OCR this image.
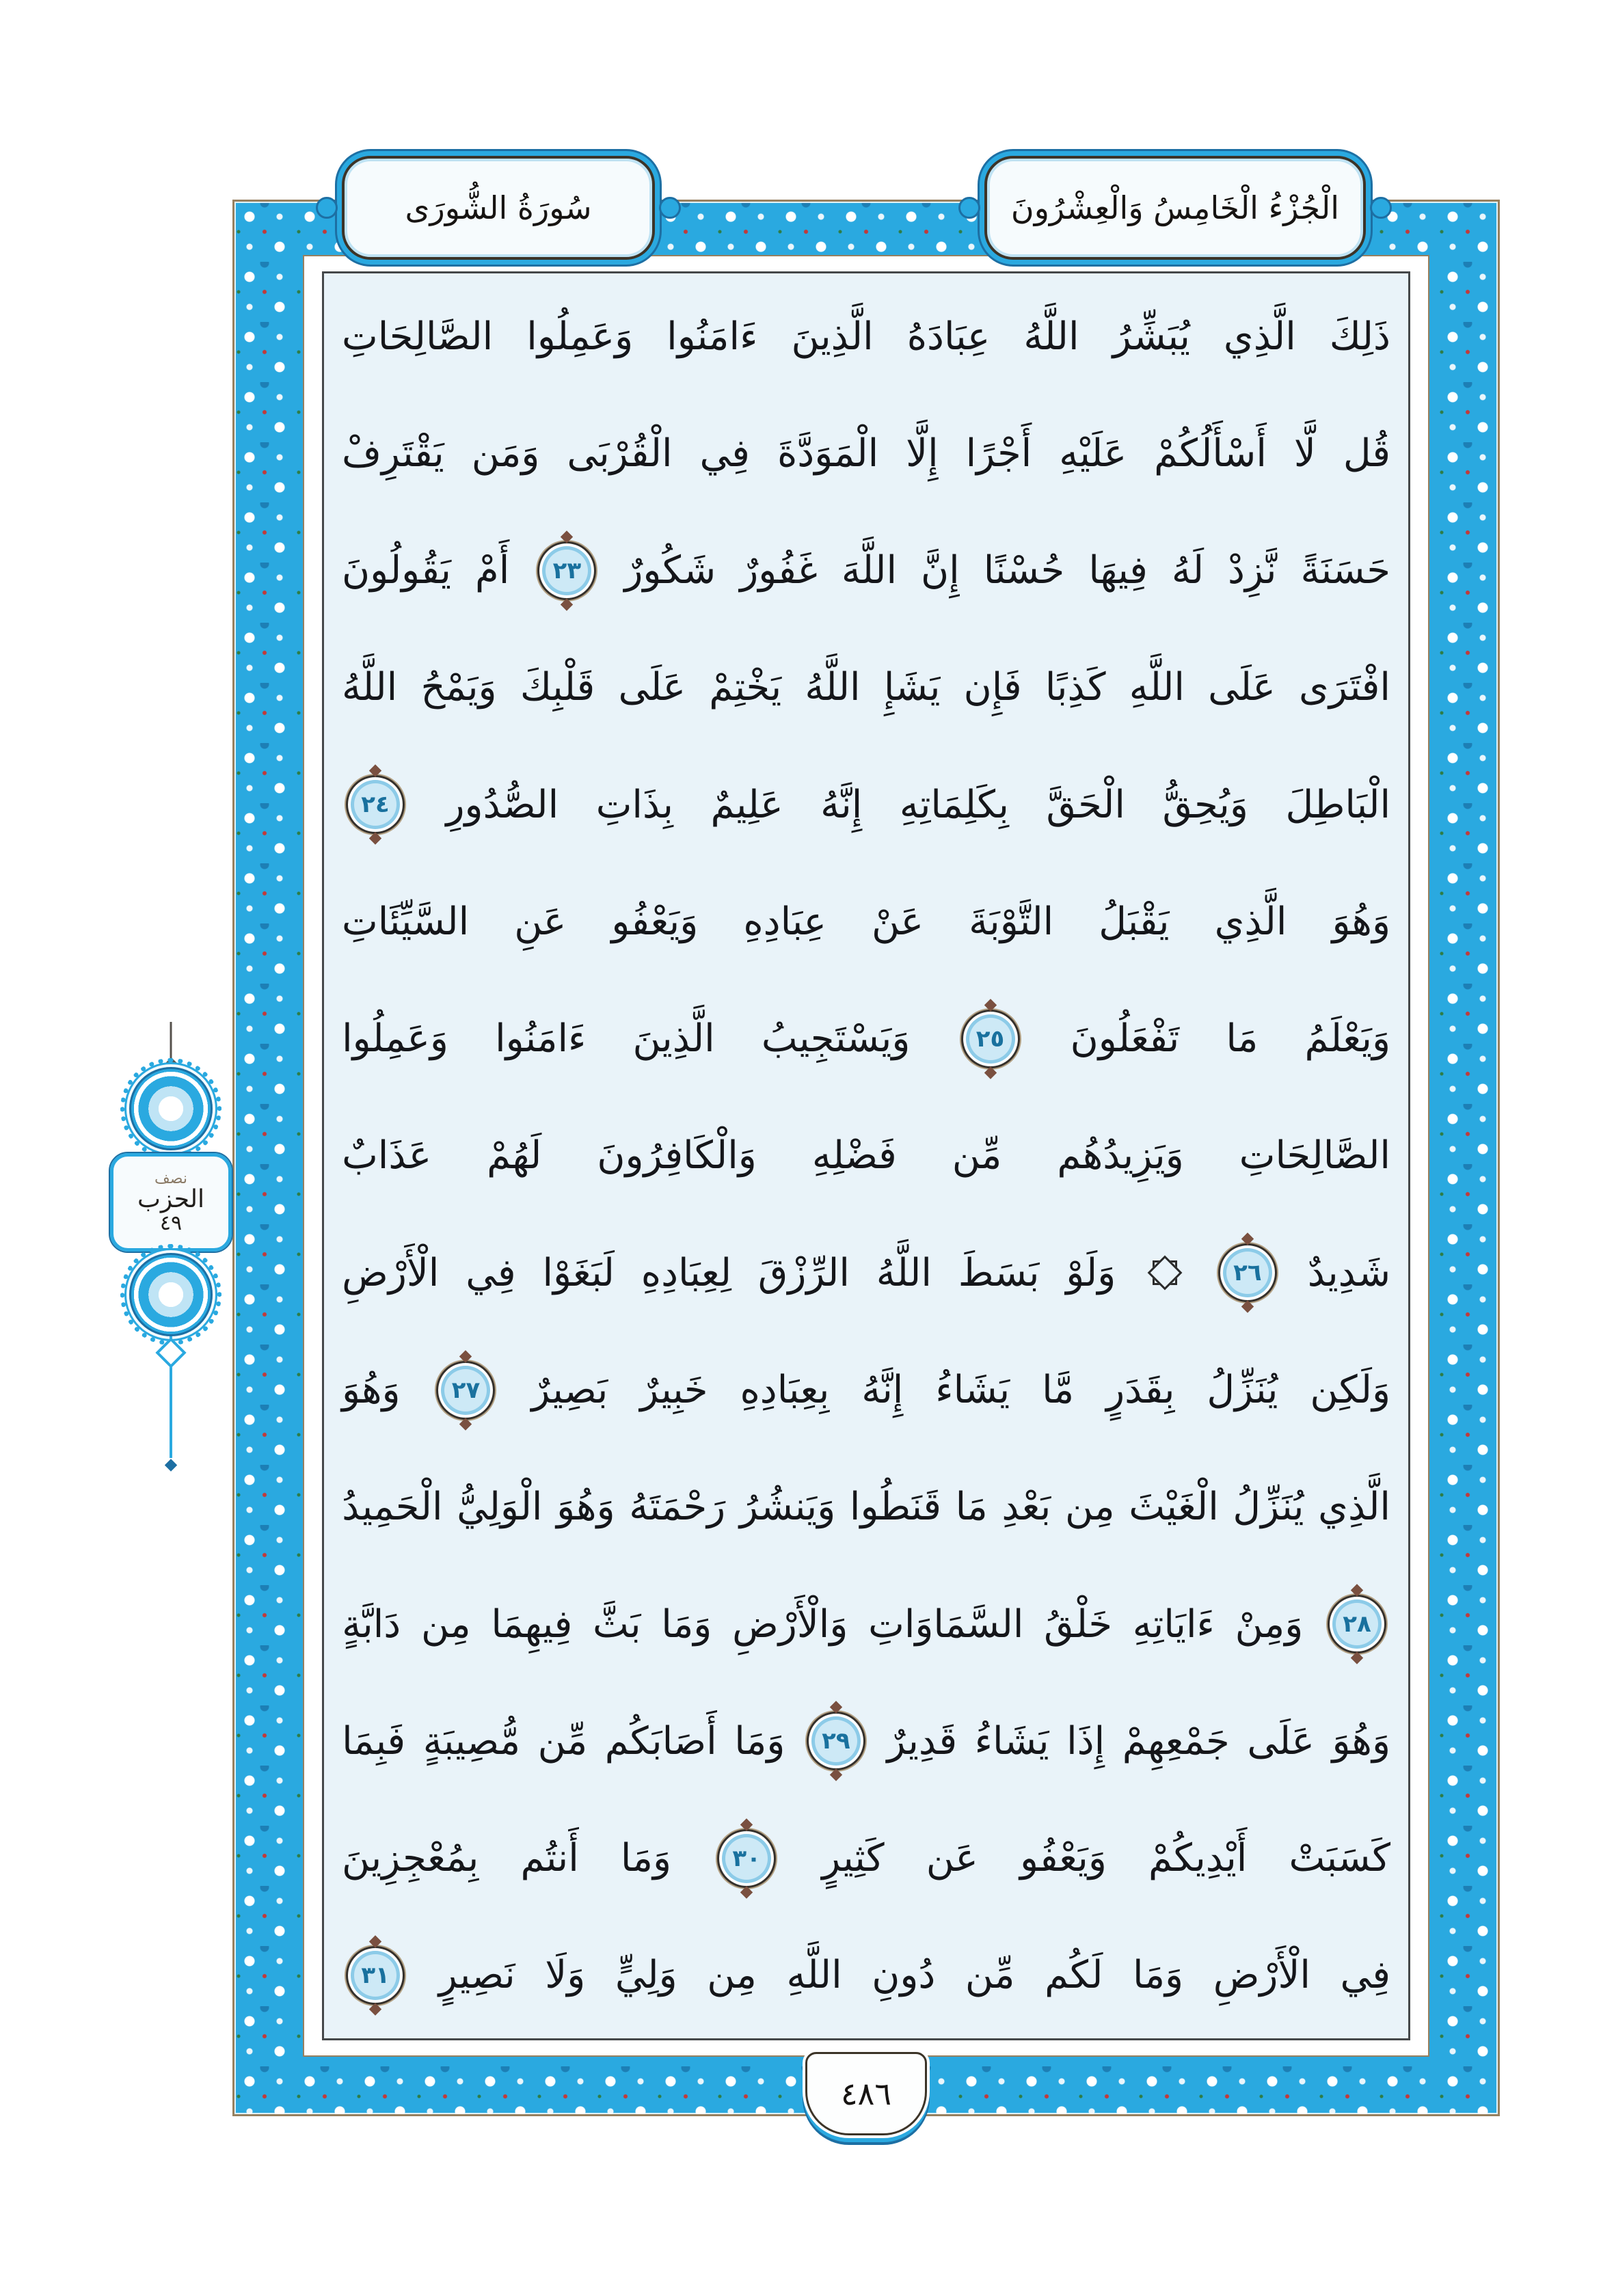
سُورَةُ الشُّورَى	الْجُزْءُ الْخَامِسُ وَالْعِشْرُونَ
ذَلِكَ
الَّذِي
يُبَشِّرُ
اللَّهُ
عِبَادَهُ
الَّذِينَ
ءَامَنُوا
وَعَمِلُوا
الصَّالِحَاتِ
قُل
لَّا
أَسْأَلُكُمْ
عَلَيْهِ
أَجْرًا
إِلَّا
الْمَوَدَّةَ
فِي
الْقُرْبَى
وَمَن
يَقْتَرِفْ
حَسَنَةً
نَّزِدْ
لَهُ
فِيهَا
حُسْنًا
إِنَّ
اللَّهَ
غَفُورٌ
شَكُورٌ
٢٣
أَمْ
يَقُولُونَ
افْتَرَى
عَلَى
اللَّهِ
كَذِبًا
فَإِن
يَشَإِ
اللَّهُ
يَخْتِمْ
عَلَى
قَلْبِكَ
وَيَمْحُ
اللَّهُ
الْبَاطِلَ
وَيُحِقُّ
الْحَقَّ
بِكَلِمَاتِهِ
إِنَّهُ
عَلِيمٌ
بِذَاتِ
الصُّدُورِ
٢٤
وَهُوَ
الَّذِي
يَقْبَلُ
التَّوْبَةَ
عَنْ
عِبَادِهِ
وَيَعْفُو
عَنِ
السَّيِّئَاتِ
وَيَعْلَمُ
مَا
تَفْعَلُونَ
٢٥
وَيَسْتَجِيبُ
الَّذِينَ
ءَامَنُوا
وَعَمِلُوا
الصَّالِحَاتِ
وَيَزِيدُهُم
مِّن
فَضْلِهِ
وَالْكَافِرُونَ
لَهُمْ
عَذَابٌ
شَدِيدٌ
٢٦
وَلَوْ
بَسَطَ
اللَّهُ
الرِّزْقَ
لِعِبَادِهِ
لَبَغَوْا
فِي
الْأَرْضِ
وَلَكِن
يُنَزِّلُ
بِقَدَرٍ
مَّا
يَشَاءُ
إِنَّهُ
بِعِبَادِهِ
خَبِيرٌ
بَصِيرٌ
٢٧
وَهُوَ
الَّذِي
يُنَزِّلُ
الْغَيْثَ
مِن
بَعْدِ
مَا
قَنَطُوا
وَيَنشُرُ
رَحْمَتَهُ
وَهُوَ
الْوَلِيُّ
الْحَمِيدُ
٢٨
وَمِنْ
ءَايَاتِهِ
خَلْقُ
السَّمَاوَاتِ
وَالْأَرْضِ
وَمَا
بَثَّ
فِيهِمَا
مِن
دَابَّةٍ
وَهُوَ
عَلَى
جَمْعِهِمْ
إِذَا
يَشَاءُ
قَدِيرٌ
٢٩
وَمَا
أَصَابَكُم
مِّن
مُّصِيبَةٍ
فَبِمَا
كَسَبَتْ
أَيْدِيكُمْ
وَيَعْفُو
عَن
كَثِيرٍ
٣٠
وَمَا
أَنتُم
بِمُعْجِزِينَ
فِي
الْأَرْضِ
وَمَا
لَكُم
مِّن
دُونِ
اللَّهِ
مِن
وَلِيٍّ
وَلَا
نَصِيرٍ
٣١
نصف
الحزب
٤٩
٤٨٦
